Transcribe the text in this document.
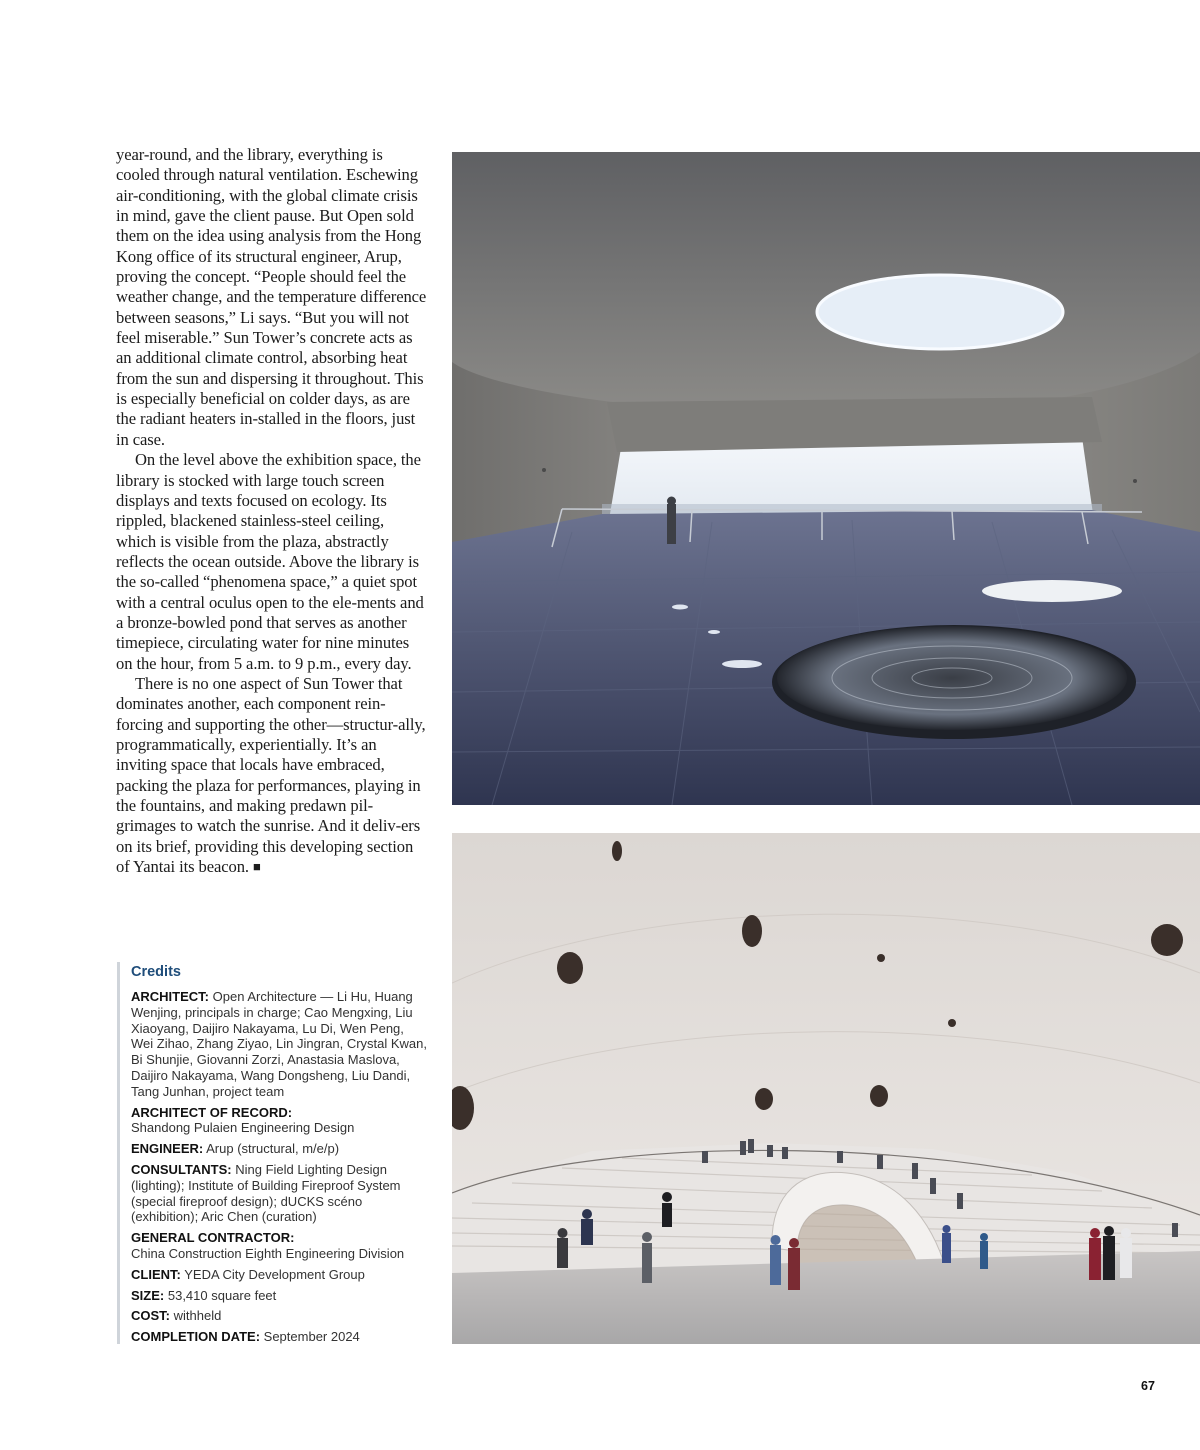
year-round, and the library, everything is cooled through natural ventilation. Eschewing air-conditioning, with the global climate crisis in mind, gave the client pause. But Open sold them on the idea using analysis from the Hong Kong office of its structural engineer, Arup, proving the concept. “People should feel the weather change, and the temperature difference between seasons,” Li says. “But you will not feel miserable.” Sun Tower’s concrete acts as an additional climate control, absorbing heat from the sun and dispersing it throughout. This is especially beneficial on colder days, as are the radiant heaters in-stalled in the floors, just in case.

On the level above the exhibition space, the library is stocked with large touch screen displays and texts focused on ecology. Its rippled, blackened stainless-steel ceiling, which is visible from the plaza, abstractly reflects the ocean outside. Above the library is the so-called “phenomena space,” a quiet spot with a central oculus open to the ele-ments and a bronze-bowled pond that serves as another timepiece, circulating water for nine minutes on the hour, from 5 a.m. to 9 p.m., every day.

There is no one aspect of Sun Tower that dominates another, each component rein-forcing and supporting the other—structur-ally, programmatically, experientially. It’s an inviting space that locals have embraced, packing the plaza for performances, playing in the fountains, and making predawn pil-grimages to watch the sunrise. And it deliv-ers on its brief, providing this developing section of Yantai its beacon. ■

Credits
ARCHITECT: Open Architecture — Li Hu, Huang Wenjing, principals in charge; Cao Mengxing, Liu Xiaoyang, Daijiro Nakayama, Lu Di, Wen Peng, Wei Zihao, Zhang Ziyao, Lin Jingran, Crystal Kwan, Bi Shunjie, Giovanni Zorzi, Anastasia Maslova, Daijiro Nakayama, Wang Dongsheng, Liu Dandi, Tang Junhan, project team
ARCHITECT OF RECORD:
Shandong Pulaien Engineering Design
ENGINEER: Arup (structural, m/e/p)
CONSULTANTS: Ning Field Lighting Design (lighting); Institute of Building Fireproof System (special fireproof design); dUCKS scéno (exhibition); Aric Chen (curation)
GENERAL CONTRACTOR:
China Construction Eighth Engineering Division
CLIENT: YEDA City Development Group
SIZE: 53,410 square feet
COST: withheld
COMPLETION DATE: September 2024
67
